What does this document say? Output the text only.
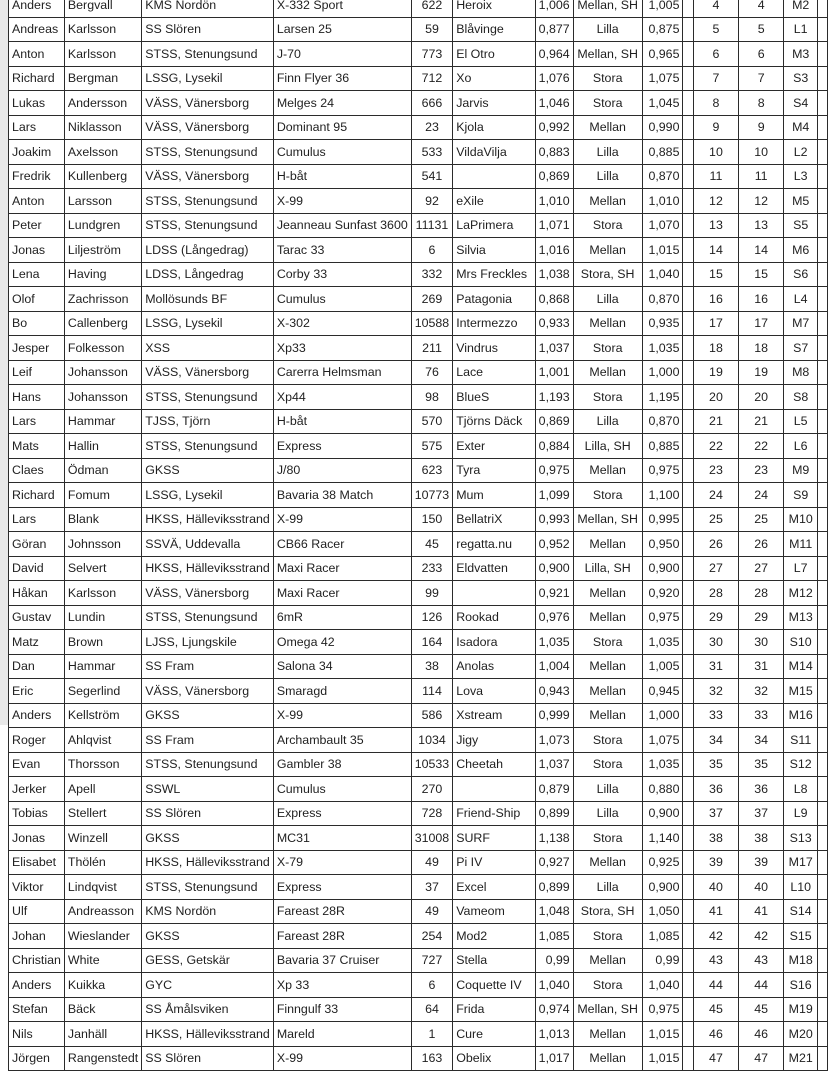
Anders	Bergvall	KMS Nordön	X-332 Sport	622	Heroix	1,006	Mellan, SH	1,005		4	4	M2	
Andreas	Karlsson	SS Slören	Larsen 25	59	Blåvinge	0,877	Lilla	0,875		5	5	L1	
Anton	Karlsson	STSS, Stenungsund	J-70	773	El Otro	0,964	Mellan, SH	0,965		6	6	M3	
Richard	Bergman	LSSG, Lysekil	Finn Flyer 36	712	Xo	1,076	Stora	1,075		7	7	S3	
Lukas	Andersson	VÄSS, Vänersborg	Melges 24	666	Jarvis	1,046	Stora	1,045		8	8	S4	
Lars	Niklasson	VÄSS, Vänersborg	Dominant 95	23	Kjola	0,992	Mellan	0,990		9	9	M4	
Joakim	Axelsson	STSS, Stenungsund	Cumulus	533	VildaVilja	0,883	Lilla	0,885		10	10	L2	
Fredrik	Kullenberg	VÄSS, Vänersborg	H-båt	541		0,869	Lilla	0,870		11	11	L3	
Anton	Larsson	STSS, Stenungsund	X-99	92	eXile	1,010	Mellan	1,010		12	12	M5	
Peter	Lundgren	STSS, Stenungsund	Jeanneau Sunfast 3600	11131	LaPrimera	1,071	Stora	1,070		13	13	S5	
Jonas	Liljeström	LDSS (Långedrag)	Tarac 33	6	Silvia	1,016	Mellan	1,015		14	14	M6	
Lena	Having	LDSS, Långedrag	Corby 33	332	Mrs Freckles	1,038	Stora, SH	1,040		15	15	S6	
Olof	Zachrisson	Mollösunds BF	Cumulus	269	Patagonia	0,868	Lilla	0,870		16	16	L4	
Bo	Callenberg	LSSG, Lysekil	X-302	10588	Intermezzo	0,933	Mellan	0,935		17	17	M7	
Jesper	Folkesson	XSS	Xp33	211	Vindrus	1,037	Stora	1,035		18	18	S7	
Leif	Johansson	VÄSS, Vänersborg	Carerra Helmsman	76	Lace	1,001	Mellan	1,000		19	19	M8	
Hans	Johansson	STSS, Stenungsund	Xp44	98	BlueS	1,193	Stora	1,195		20	20	S8	
Lars	Hammar	TJSS, Tjörn	H-båt	570	Tjörns Däck	0,869	Lilla	0,870		21	21	L5	
Mats	Hallin	STSS, Stenungsund	Express	575	Exter	0,884	Lilla, SH	0,885		22	22	L6	
Claes	Ödman	GKSS	J/80	623	Tyra	0,975	Mellan	0,975		23	23	M9	
Richard	Fomum	LSSG, Lysekil	Bavaria 38 Match	10773	Mum	1,099	Stora	1,100		24	24	S9	
Lars	Blank	HKSS, Hälleviksstrand	X-99	150	BellatriX	0,993	Mellan, SH	0,995		25	25	M10	
Göran	Johnsson	SSVÄ, Uddevalla	CB66 Racer	45	regatta.nu	0,952	Mellan	0,950		26	26	M11	
David	Selvert	HKSS, Hälleviksstrand	Maxi Racer	233	Eldvatten	0,900	Lilla, SH	0,900		27	27	L7	
Håkan	Karlsson	VÄSS, Vänersborg	Maxi Racer	99		0,921	Mellan	0,920		28	28	M12	
Gustav	Lundin	STSS, Stenungsund	6mR	126	Rookad	0,976	Mellan	0,975		29	29	M13	
Matz	Brown	LJSS, Ljungskile	Omega 42	164	Isadora	1,035	Stora	1,035		30	30	S10	
Dan	Hammar	SS Fram	Salona 34	38	Anolas	1,004	Mellan	1,005		31	31	M14	
Eric	Segerlind	VÄSS, Vänersborg	Smaragd	114	Lova	0,943	Mellan	0,945		32	32	M15	
Anders	Kellström	GKSS	X-99	586	Xstream	0,999	Mellan	1,000		33	33	M16	
Roger	Ahlqvist	SS Fram	Archambault 35	1034	Jigy	1,073	Stora	1,075		34	34	S11	
Evan	Thorsson	STSS, Stenungsund	Gambler 38	10533	Cheetah	1,037	Stora	1,035		35	35	S12	
Jerker	Apell	SSWL	Cumulus	270		0,879	Lilla	0,880		36	36	L8	
Tobias	Stellert	SS Slören	Express	728	Friend-Ship	0,899	Lilla	0,900		37	37	L9	
Jonas	Winzell	GKSS	MC31	31008	SURF	1,138	Stora	1,140		38	38	S13	
Elisabet	Thölén	HKSS, Hälleviksstrand	X-79	49	Pi IV	0,927	Mellan	0,925		39	39	M17	
Viktor	Lindqvist	STSS, Stenungsund	Express	37	Excel	0,899	Lilla	0,900		40	40	L10	
Ulf	Andreasson	KMS Nordön	Fareast 28R	49	Vameom	1,048	Stora, SH	1,050		41	41	S14	
Johan	Wieslander	GKSS	Fareast 28R	254	Mod2	1,085	Stora	1,085		42	42	S15	
Christian	White	GESS, Getskär	Bavaria 37 Cruiser	727	Stella	0,99	Mellan	0,99		43	43	M18	
Anders	Kuikka	GYC	Xp 33	6	Coquette IV	1,040	Stora	1,040		44	44	S16	
Stefan	Bäck	SS Åmålsviken	Finngulf 33	64	Frida	0,974	Mellan, SH	0,975		45	45	M19	
Nils	Janhäll	HKSS, Hälleviksstrand	Mareld	1	Cure	1,013	Mellan	1,015		46	46	M20	
Jörgen	Rangenstedt	SS Slören	X-99	163	Obelix	1,017	Mellan	1,015		47	47	M21	
